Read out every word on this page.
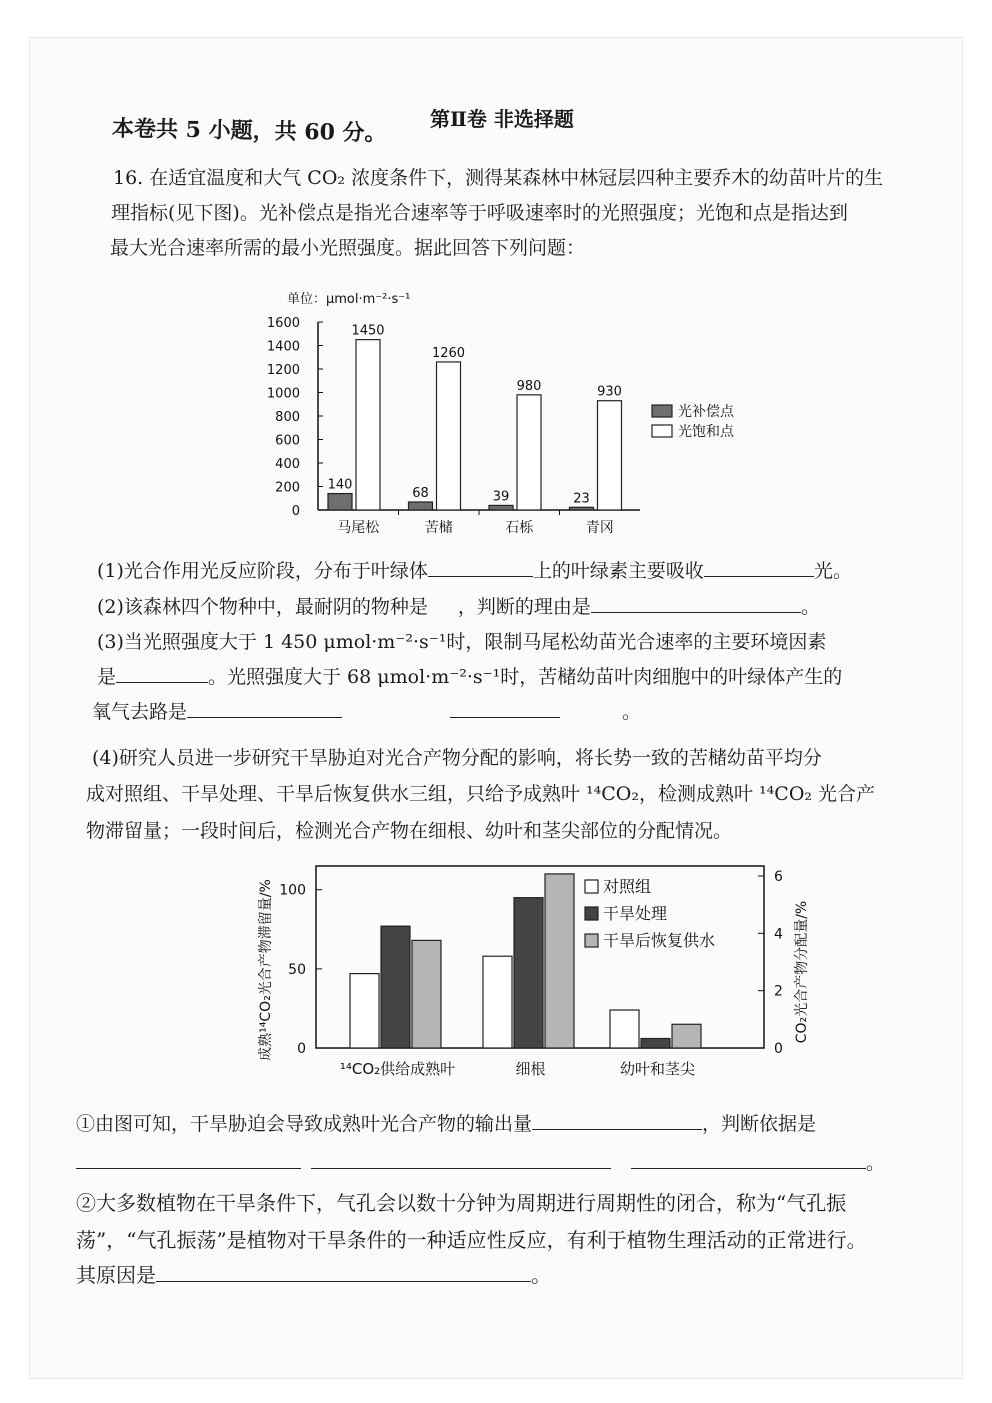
第Ⅱ卷 非选择题
本卷共 5 小题，共 60 分。
16. 在适宜温度和大气 CO₂ 浓度条件下，测得某森林中林冠层四种主要乔木的幼苗叶片的生
理指标(见下图)。光补偿点是指光合速率等于呼吸速率时的光照强度；光饱和点是指达到
最大光合速率所需的最小光照强度。据此回答下列问题：
单位：μmol·m⁻²·s⁻¹
0
200
400
600
800
1000
1200
1400
1600
马尾松	苦槠	石栎	青冈
140
1450
68
1260
39
980
23
930
光补偿点
光饱和点
(1)光合作用光反应阶段，分布于叶绿体	上的叶绿素主要吸收	光。
(2)该森林四个物种中，最耐阴的物种是 ，判断的理由是	。
(3)当光照强度大于 1 450 μmol·m⁻²·s⁻¹时，限制马尾松幼苗光合速率的主要环境因素
是	。光照强度大于 68 μmol·m⁻²·s⁻¹时，苦槠幼苗叶肉细胞中的叶绿体产生的
氧气去路是	。
(4)研究人员进一步研究干旱胁迫对光合产物分配的影响，将长势一致的苦槠幼苗平均分
成对照组、干旱处理、干旱后恢复供水三组，只给予成熟叶 ¹⁴CO₂，检测成熟叶 ¹⁴CO₂ 光合产
物滞留量；一段时间后，检测光合产物在细根、幼叶和茎尖部位的分配情况。
成熟¹⁴CO₂光合产物滞留量/%	CO₂光合产物分配量/%
0
50
100
0
2
4
6
¹⁴CO₂供给成熟叶	细根	幼叶和茎尖
对照组
干旱处理
干旱后恢复供水
①由图可知，干旱胁迫会导致成熟叶光合产物的输出量	，判断依据是
。
②大多数植物在干旱条件下，气孔会以数十分钟为周期进行周期性的闭合，称为“气孔振
荡”，“气孔振荡”是植物对干旱条件的一种适应性反应，有利于植物生理活动的正常进行。
其原因是	。
